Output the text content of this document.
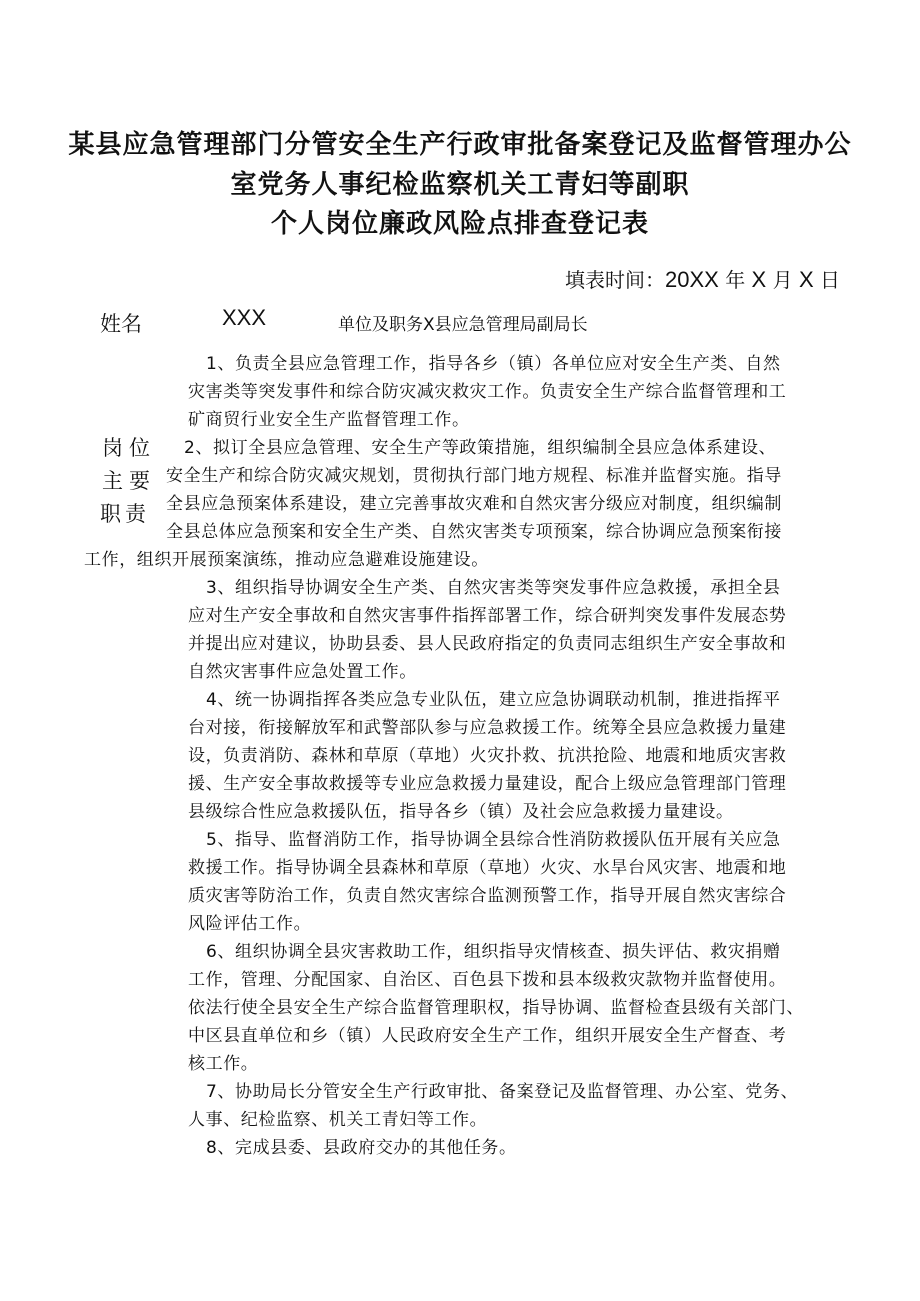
某县应急管理部门分管安全生产行政审批备案登记及监督管理办公
室党务人事纪检监察机关工青妇等副职
个人岗位廉政风险点排查登记表
填表时间：20XX 年 X 月 X 日
姓名	XXX	单位及职务X县应急管理局副局长
岗位
主要
职责

1、负责全县应急管理工作，指导各乡（镇）各单位应对安全生产类、自然

灾害类等突发事件和综合防灾减灾救灾工作。负责安全生产综合监督管理和工

矿商贸行业安全生产监督管理工作。

2、拟订全县应急管理、安全生产等政策措施，组织编制全县应急体系建设、

安全生产和综合防灾减灾规划，贯彻执行部门地方规程、标准并监督实施。指导

全县应急预案体系建设，建立完善事故灾难和自然灾害分级应对制度，组织编制

全县总体应急预案和安全生产类、自然灾害类专项预案，综合协调应急预案衔接

工作，组织开展预案演练，推动应急避难设施建设。

3、组织指导协调安全生产类、自然灾害类等突发事件应急救援，承担全县

应对生产安全事故和自然灾害事件指挥部署工作，综合研判突发事件发展态势

并提出应对建议，协助县委、县人民政府指定的负责同志组织生产安全事故和

自然灾害事件应急处置工作。

4、统一协调指挥各类应急专业队伍，建立应急协调联动机制，推进指挥平

台对接，衔接解放军和武警部队参与应急救援工作。统筹全县应急救援力量建

设，负责消防、森林和草原（草地）火灾扑救、抗洪抢险、地震和地质灾害救

援、生产安全事故救援等专业应急救援力量建设，配合上级应急管理部门管理

县级综合性应急救援队伍，指导各乡（镇）及社会应急救援力量建设。

5、指导、监督消防工作，指导协调全县综合性消防救援队伍开展有关应急

救援工作。指导协调全县森林和草原（草地）火灾、水旱台风灾害、地震和地

质灾害等防治工作，负责自然灾害综合监测预警工作，指导开展自然灾害综合

风险评估工作。

6、组织协调全县灾害救助工作，组织指导灾情核查、损失评估、救灾捐赠

工作，管理、分配国家、自治区、百色县下拨和县本级救灾款物并监督使用。

依法行使全县安全生产综合监督管理职权，指导协调、监督检查县级有关部门、

中区县直单位和乡（镇）人民政府安全生产工作，组织开展安全生产督查、考

核工作。

7、协助局长分管安全生产行政审批、备案登记及监督管理、办公室、党务、

人事、纪检监察、机关工青妇等工作。

8、完成县委、县政府交办的其他任务。
